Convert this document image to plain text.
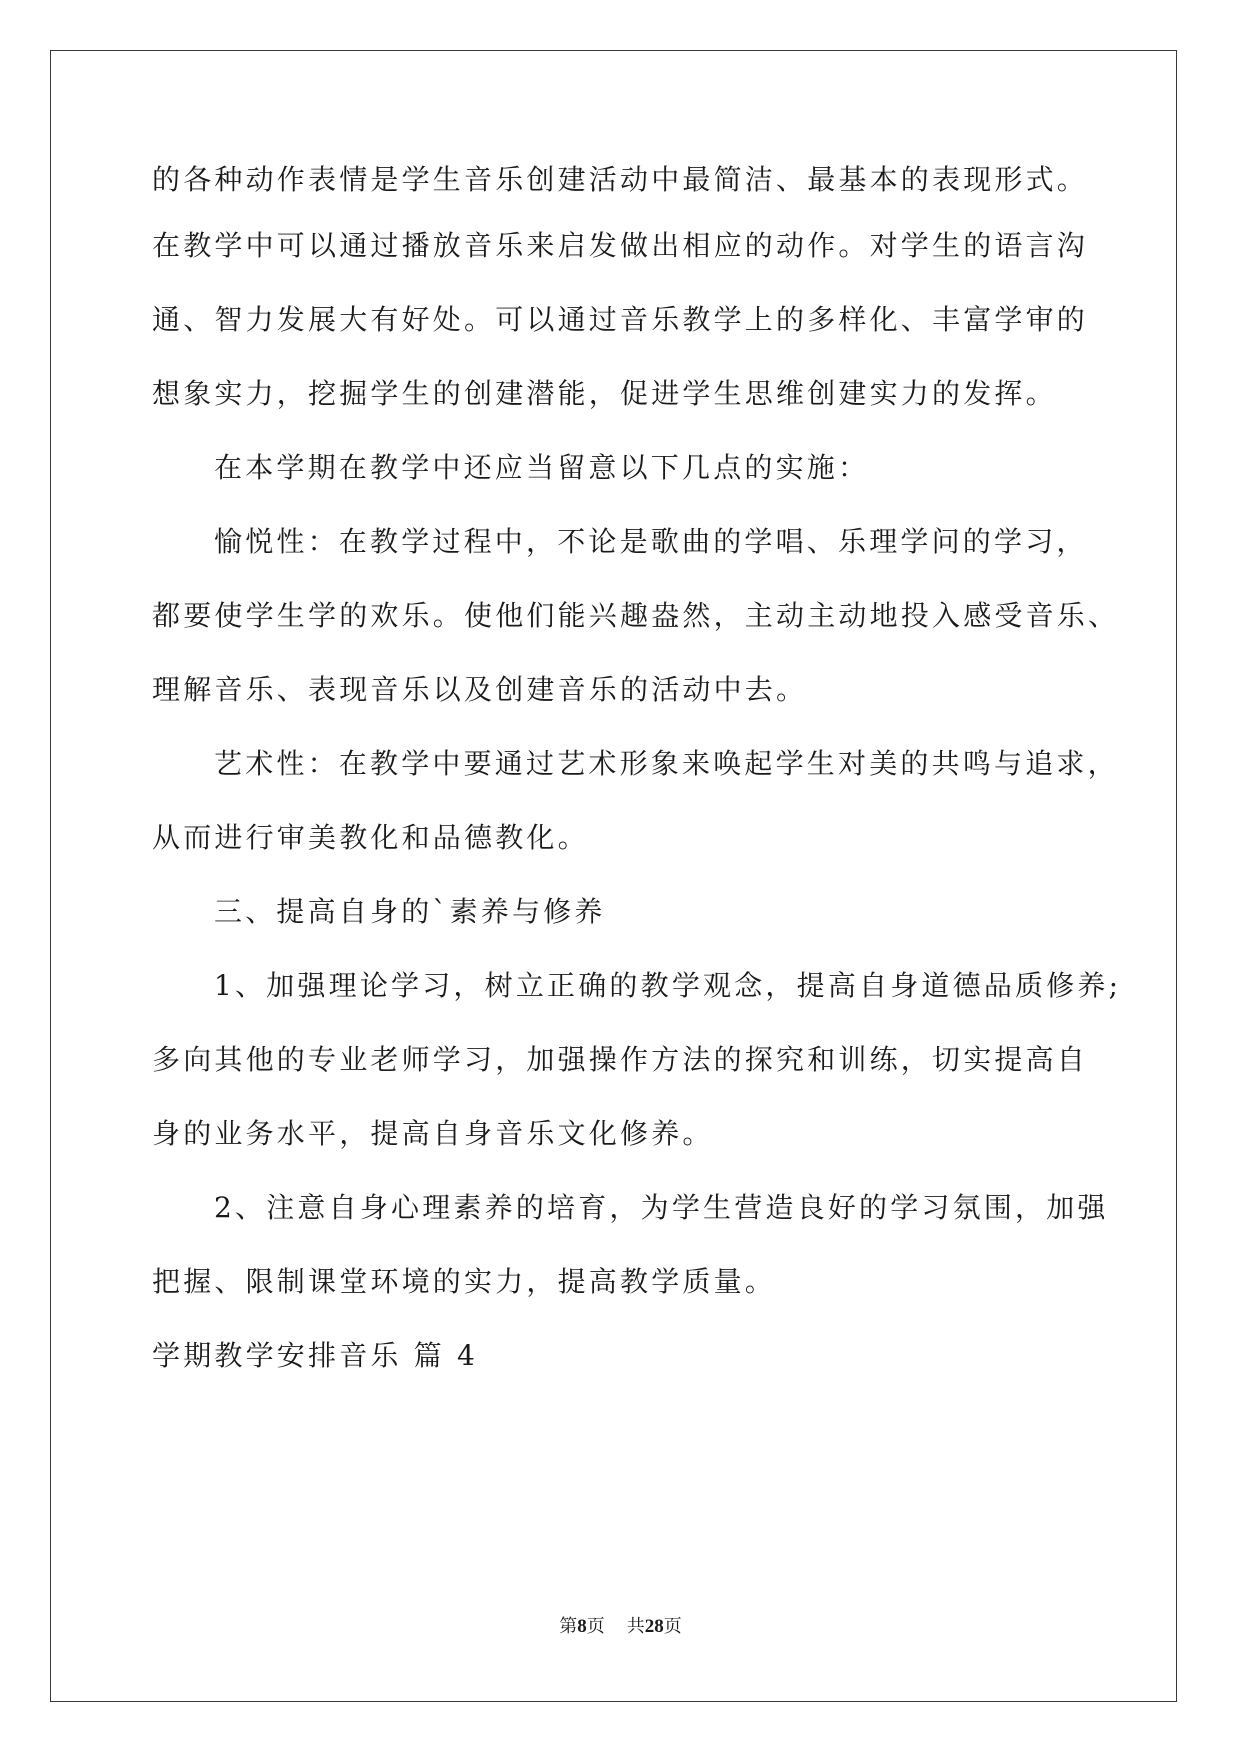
的各种动作表情是学生音乐创建活动中最简洁、最基本的表现形式。
在教学中可以通过播放音乐来启发做出相应的动作。对学生的语言沟
通、智力发展大有好处。可以通过音乐教学上的多样化、丰富学审的
想象实力，挖掘学生的创建潜能，促进学生思维创建实力的发挥。
在本学期在教学中还应当留意以下几点的实施：
愉悦性：在教学过程中，不论是歌曲的学唱、乐理学问的学习，
都要使学生学的欢乐。使他们能兴趣盎然，主动主动地投入感受音乐、
理解音乐、表现音乐以及创建音乐的活动中去。
艺术性：在教学中要通过艺术形象来唤起学生对美的共鸣与追求，
从而进行审美教化和品德教化。
三、提高自身的`素养与修养
1、加强理论学习，树立正确的教学观念，提高自身道德品质修养;
多向其他的专业老师学习，加强操作方法的探究和训练，切实提高自
身的业务水平，提高自身音乐文化修养。
2、注意自身心理素养的培育，为学生营造良好的学习氛围，加强
把握、限制课堂环境的实力，提高教学质量。
学期教学安排音乐 篇 4
第8页 共28页
